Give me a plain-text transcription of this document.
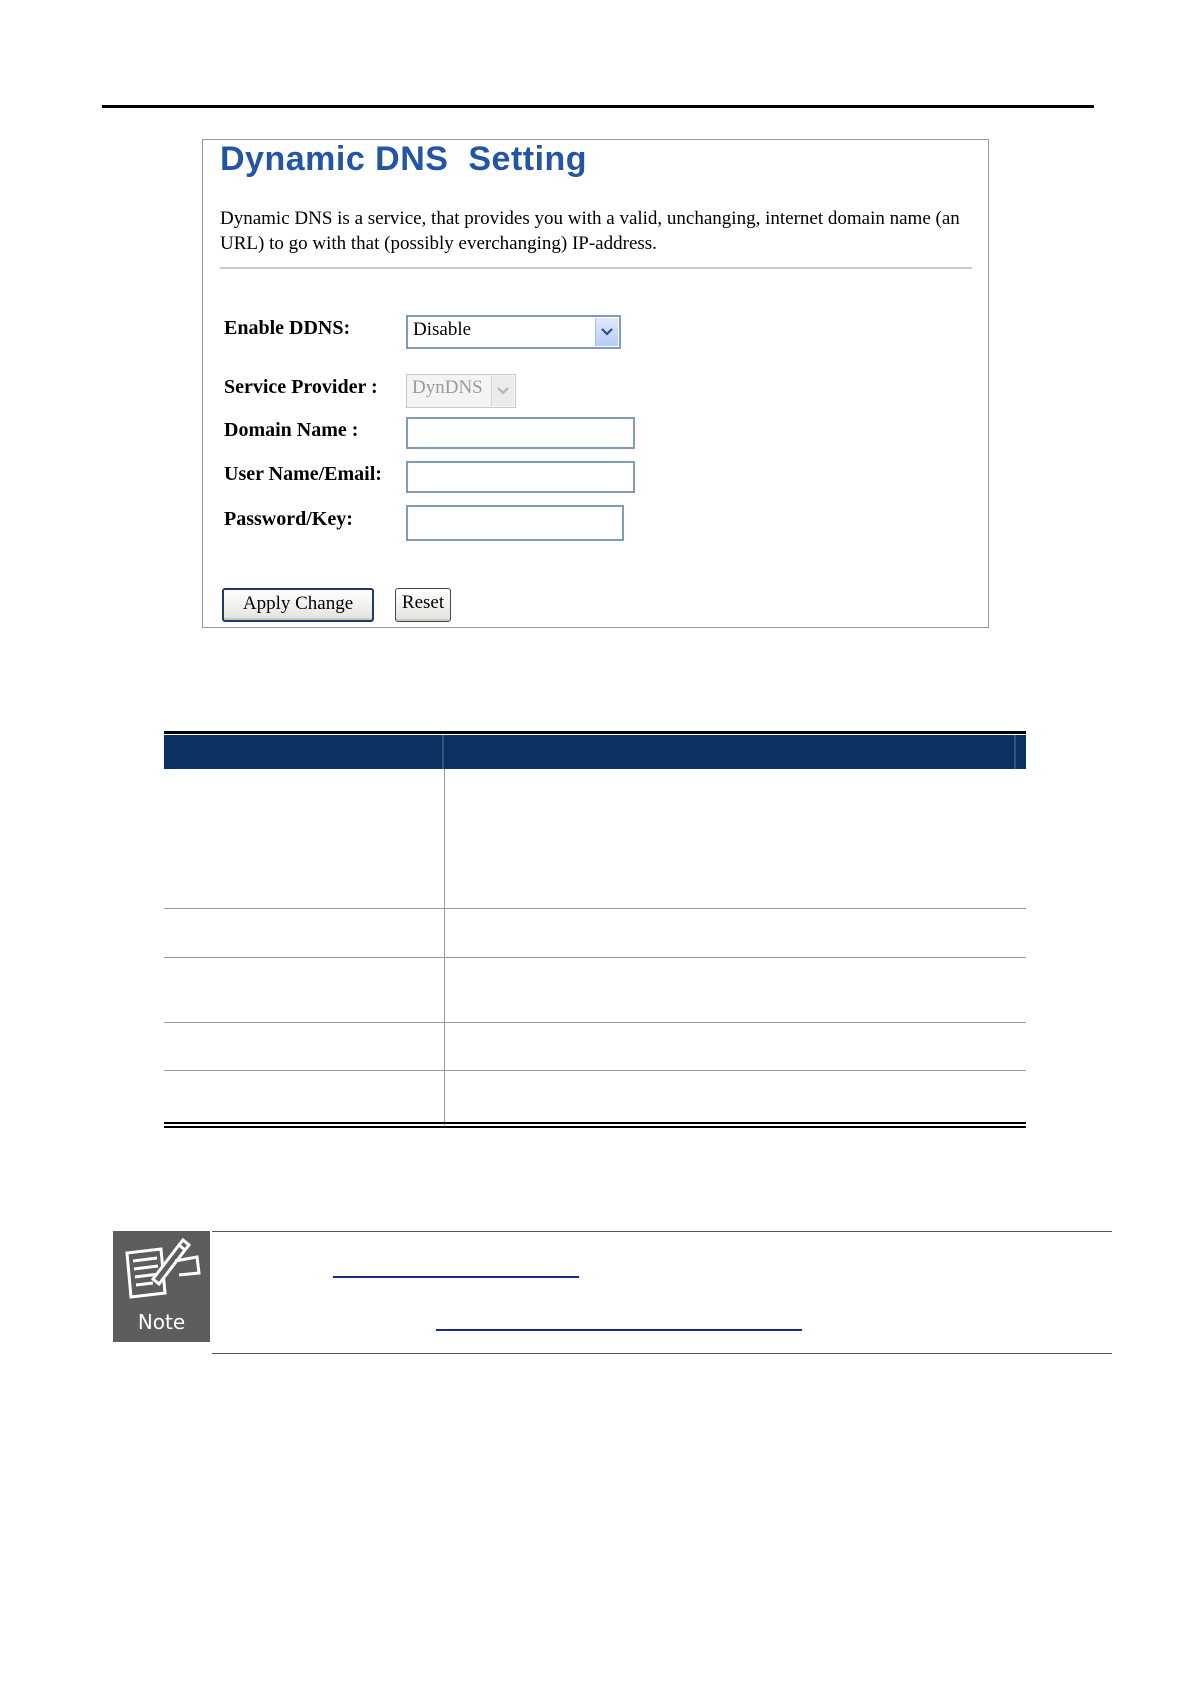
Dynamic DNS  Setting
Dynamic DNS is a service, that provides you with a valid, unchanging, internet domain name (an URL) to go with that (possibly everchanging) IP-address.
Enable DDNS:	Disable
Service Provider :	DynDNS
Domain Name :
User Name/Email:
Password/Key:
Apply Change	Reset
Note
